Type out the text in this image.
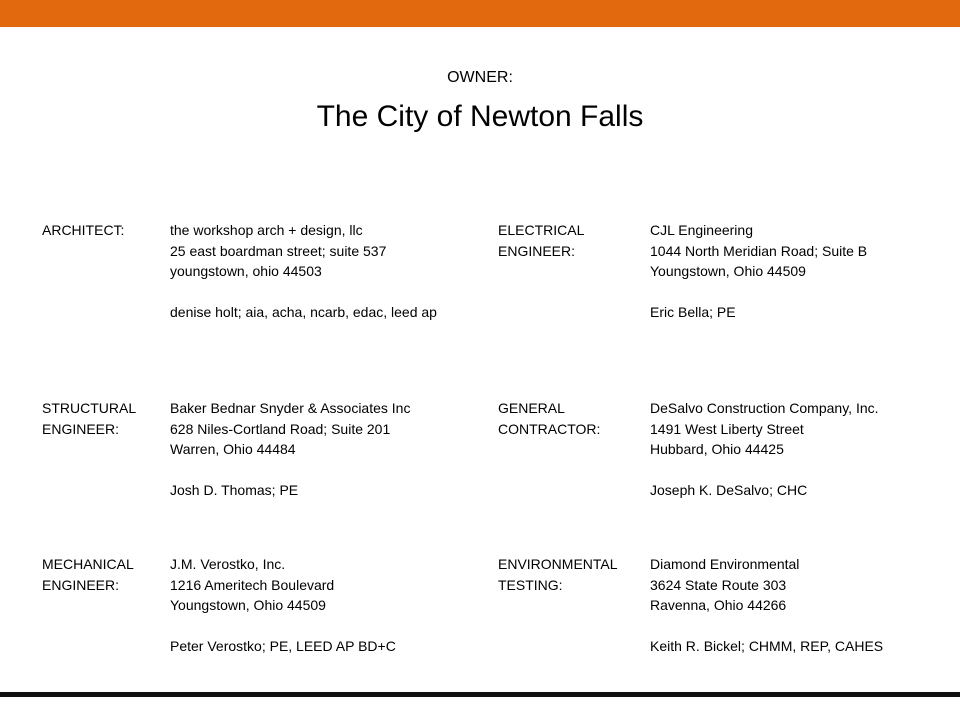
OWNER:
The City of Newton Falls
ARCHITECT:	the workshop arch + design, llc
25 east boardman street; suite 537
youngstown, ohio 44503
denise holt; aia, acha, ncarb, edac, leed ap
ELECTRICAL
ENGINEER:
CJL Engineering
1044 North Meridian Road; Suite B
Youngstown, Ohio 44509
Eric Bella; PE
STRUCTURAL
ENGINEER:
Baker Bednar Snyder & Associates Inc
628 Niles-Cortland Road; Suite 201
Warren, Ohio 44484
Josh D. Thomas; PE
GENERAL
CONTRACTOR:
DeSalvo Construction Company, Inc.
1491 West Liberty Street
Hubbard, Ohio 44425
Joseph K. DeSalvo; CHC
MECHANICAL
ENGINEER:
J.M. Verostko, Inc.
1216 Ameritech Boulevard
Youngstown, Ohio 44509
Peter Verostko; PE, LEED AP BD+C
ENVIRONMENTAL
TESTING:
Diamond Environmental
3624 State Route 303
Ravenna, Ohio 44266
Keith R. Bickel; CHMM, REP, CAHES
